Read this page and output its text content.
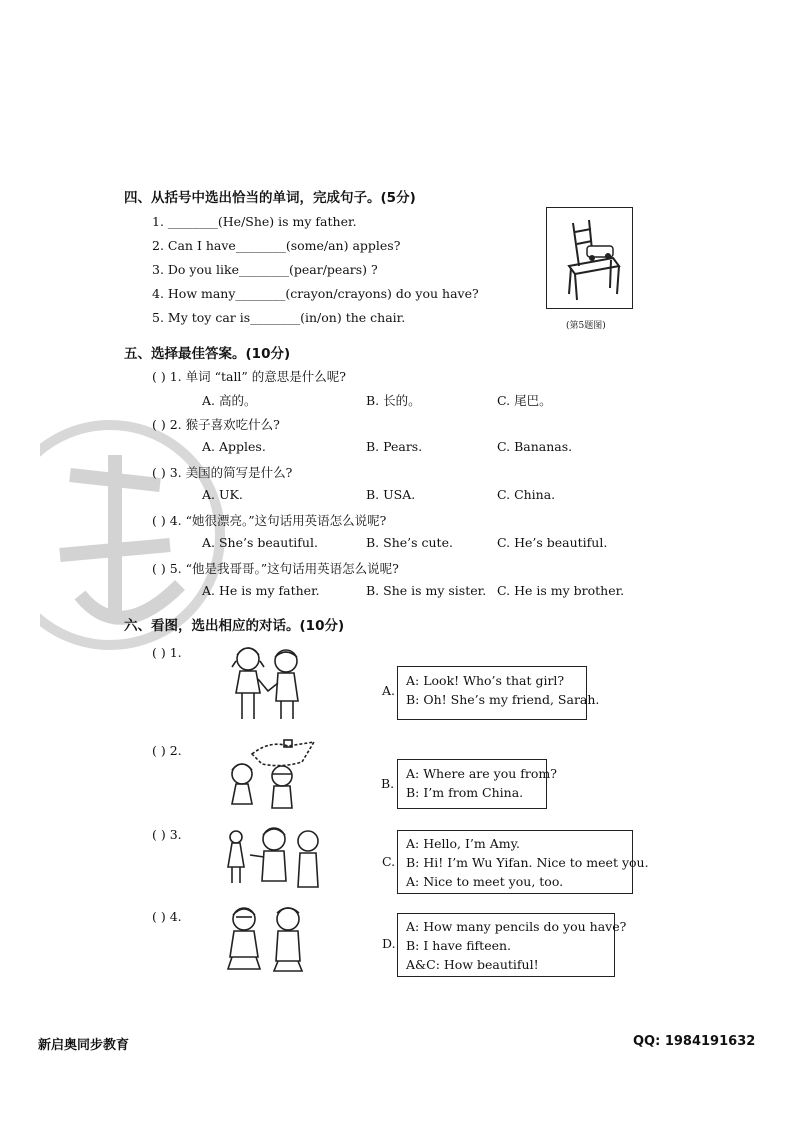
四、从括号中选出恰当的单词，完成句子。(5分)
1. ________(He/She) is my father.
2. Can I have________(some/an) apples?
3. Do you like________(pear/pears) ?
4. How many________(crayon/crayons) do you have?
5. My toy car is________(in/on) the chair.
(第5题图)
五、选择最佳答案。(10分)
( ) 1. 单词 “tall” 的意思是什么呢?
A. 高的。	B. 长的。	C. 尾巴。
( ) 2. 猴子喜欢吃什么?
A. Apples.	B. Pears.	C. Bananas.
( ) 3. 美国的简写是什么?
A. UK.	B. USA.	C. China.
( ) 4. “她很漂亮。”这句话用英语怎么说呢?
A. She’s beautiful.	B. She’s cute.	C. He’s beautiful.
( ) 5. “他是我哥哥。”这句话用英语怎么说呢?
A. He is my father.	B. She is my sister. C. He is my brother.
六、看图，选出相应的对话。(10分)
( ) 1.
( ) 2.
( ) 3.
( ) 4.
A.
A: Look! Who’s that girl?
B: Oh! She’s my friend, Sarah.
B.
A: Where are you from?
B: I’m from China.
C.
A: Hello, I’m Amy.
B: Hi! I’m Wu Yifan. Nice to meet you.
A: Nice to meet you, too.
D.
A: How many pencils do you have?
B: I have fifteen.
A&C: How beautiful!
新启奥同步教育	QQ: 1984191632
